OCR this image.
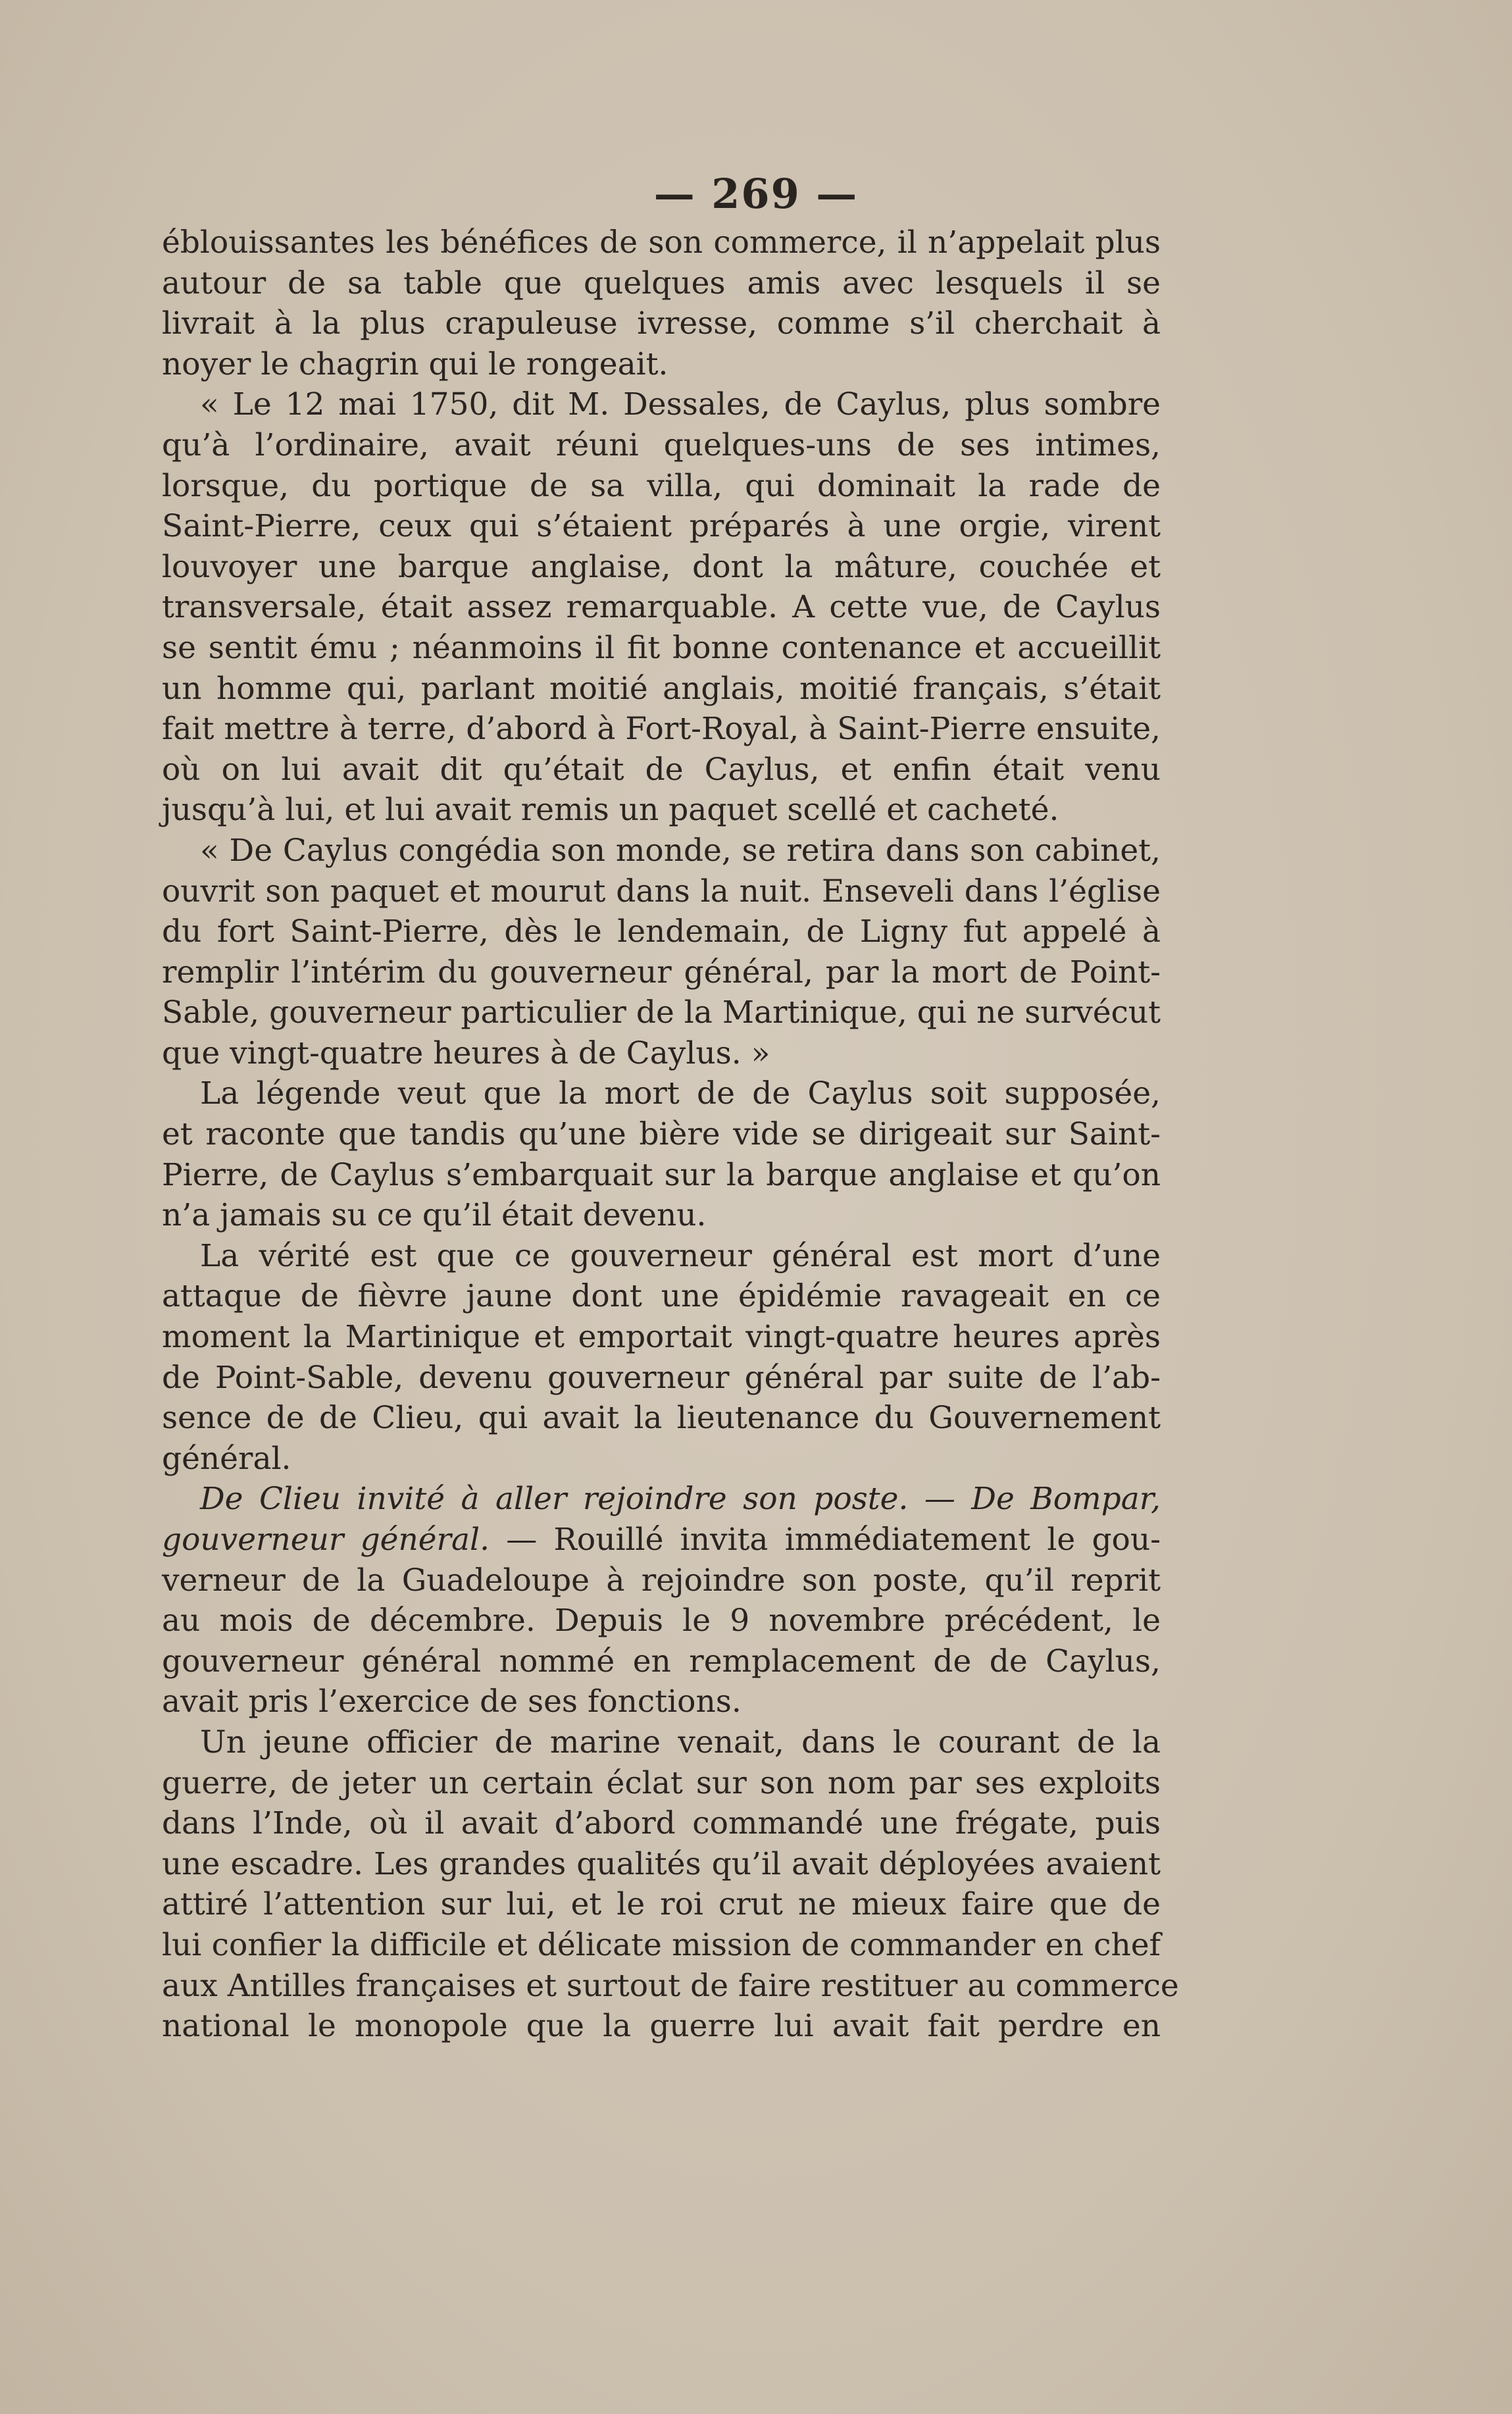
— 269 —
éblouissantes les bénéfices de son commerce, il n’appelait plus
autour de sa table que quelques amis avec lesquels il se
livrait à la plus crapuleuse ivresse, comme s’il cherchait à
noyer le chagrin qui le rongeait.
« Le 12 mai 1750, dit M. Dessales, de Caylus, plus sombre
qu’à l’ordinaire, avait réuni quelques-uns de ses intimes,
lorsque, du portique de sa villa, qui dominait la rade de
Saint-Pierre, ceux qui s’étaient préparés à une orgie, virent
louvoyer une barque anglaise, dont la mâture, couchée et
transversale, était assez remarquable. A cette vue, de Caylus
se sentit ému ; néanmoins il fit bonne contenance et accueillit
un homme qui, parlant moitié anglais, moitié français, s’était
fait mettre à terre, d’abord à Fort-Royal, à Saint-Pierre ensuite,
où on lui avait dit qu’était de Caylus, et enfin était venu
jusqu’à lui, et lui avait remis un paquet scellé et cacheté.
« De Caylus congédia son monde, se retira dans son cabinet,
ouvrit son paquet et mourut dans la nuit. Enseveli dans l’église
du fort Saint-Pierre, dès le lendemain, de Ligny fut appelé à
remplir l’intérim du gouverneur général, par la mort de Point-
Sable, gouverneur particulier de la Martinique, qui ne survécut
que vingt-quatre heures à de Caylus. »
La légende veut que la mort de de Caylus soit supposée,
et raconte que tandis qu’une bière vide se dirigeait sur Saint-
Pierre, de Caylus s’embarquait sur la barque anglaise et qu’on
n’a jamais su ce qu’il était devenu.
La vérité est que ce gouverneur général est mort d’une
attaque de fièvre jaune dont une épidémie ravageait en ce
moment la Martinique et emportait vingt-quatre heures après
de Point-Sable, devenu gouverneur général par suite de l’ab-
sence de de Clieu, qui avait la lieutenance du Gouvernement
général.
De Clieu invité à aller rejoindre son poste. — De Bompar,
gouverneur général. — Rouillé invita immédiatement le gou-
verneur de la Guadeloupe à rejoindre son poste, qu’il reprit
au mois de décembre. Depuis le 9 novembre précédent, le
gouverneur général nommé en remplacement de de Caylus,
avait pris l’exercice de ses fonctions.
Un jeune officier de marine venait, dans le courant de la
guerre, de jeter un certain éclat sur son nom par ses exploits
dans l’Inde, où il avait d’abord commandé une frégate, puis
une escadre. Les grandes qualités qu’il avait déployées avaient
attiré l’attention sur lui, et le roi crut ne mieux faire que de
lui confier la difficile et délicate mission de commander en chef
aux Antilles françaises et surtout de faire restituer au commerce
national le monopole que la guerre lui avait fait perdre en
